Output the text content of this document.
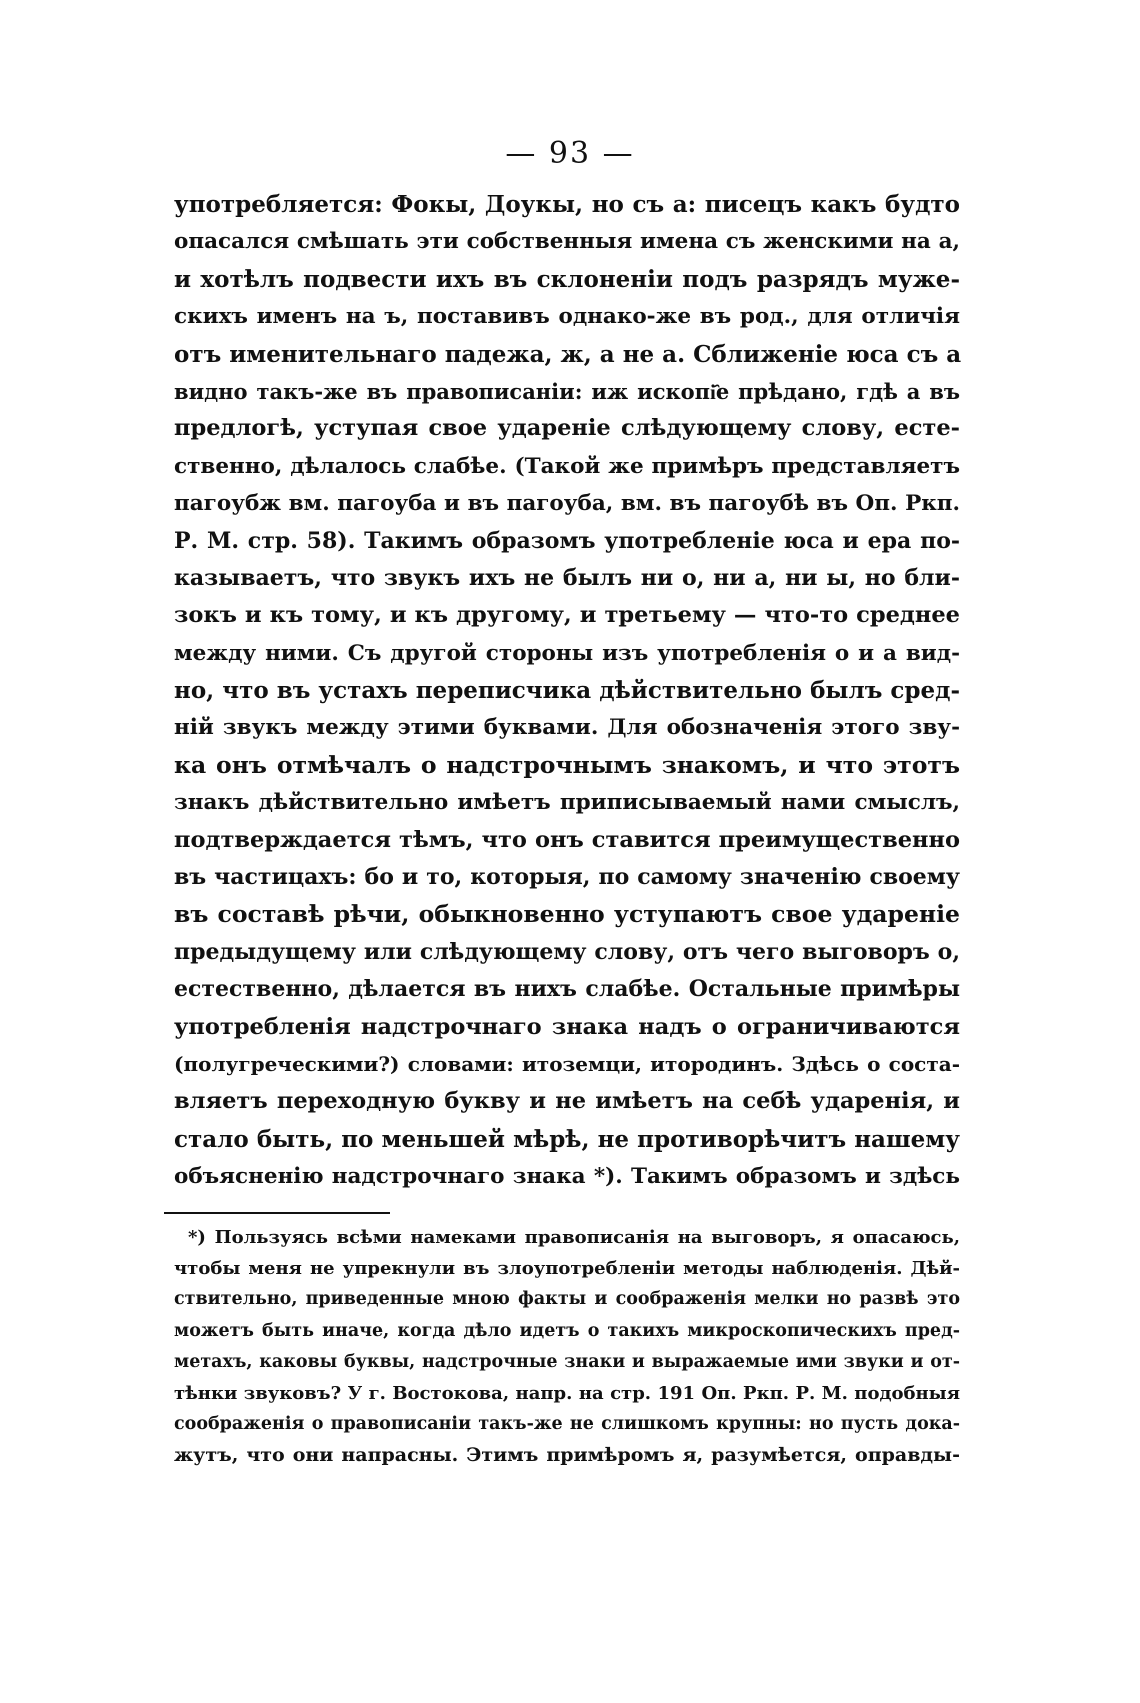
— 93 —
употребляется: Фокы, Доукы, но съ а: писецъ какъ будто
опасался смѣшать эти собственныя имена съ женскими на а,
и хотѣлъ подвести ихъ въ склоненіи подъ разрядъ муже-
скихъ именъ на ъ, поставивъ однако-же въ род., для отличія
отъ именительнаго падежа, ж, а не а. Сближеніе юса съ а
видно такъ-же въ правописаніи: иж ископі҄е прѣдано, гдѣ а въ
предлогѣ, уступая свое удареніе слѣдующему слову, есте-
ственно, дѣлалось слабѣе. (Такой же примѣръ представляетъ
пагоубж вм. пагоуба и въ пагоуба, вм. въ пагоубѣ въ Оп. Ркп.
Р. М. стр. 58). Такимъ образомъ употребленіе юса и ера по-
казываетъ, что звукъ ихъ не былъ ни о, ни а, ни ы, но бли-
зокъ и къ тому, и къ другому, и третьему — что-то среднее
между ними. Съ другой стороны изъ употребленія о и а вид-
но, что въ устахъ переписчика дѣйствительно былъ сред-
ній звукъ между этими буквами. Для обозначенія этого зву-
ка онъ отмѣчалъ о надстрочнымъ знакомъ, и что этотъ
знакъ дѣйствительно имѣетъ приписываемый нами смыслъ,
подтверждается тѣмъ, что онъ ставится преимущественно
въ частицахъ: бо и то, которыя, по самому значенію своему
въ составѣ рѣчи, обыкновенно уступаютъ свое удареніе
предыдущему или слѣдующему слову, отъ чего выговоръ о,
естественно, дѣлается въ нихъ слабѣе. Остальные примѣры
употребленія надстрочнаго знака надъ о ограничиваются
(полугреческими?) словами: итоземци, итородинъ. Здѣсь о соста-
вляетъ переходную букву и не имѣетъ на себѣ ударенія, и
стало быть, по меньшей мѣрѣ, не противорѣчитъ нашему
объясненію надстрочнаго знака *). Такимъ образомъ и здѣсь
*) Пользуясь всѣми намеками правописанія на выговоръ, я опасаюсь,
чтобы меня не упрекнули въ злоупотребленіи методы наблюденія. Дѣй-
ствительно, приведенные мною факты и соображенія мелки но развѣ это
можетъ быть иначе, когда дѣло идетъ о такихъ микроскопическихъ пред-
метахъ, каковы буквы, надстрочные знаки и выражаемые ими звуки и от-
тѣнки звуковъ? У г. Востокова, напр. на стр. 191 Оп. Ркп. Р. М. подобныя
соображенія о правописаніи такъ-же не слишкомъ крупны: но пусть дока-
жутъ, что они напрасны. Этимъ примѣромъ я, разумѣется, оправды-
